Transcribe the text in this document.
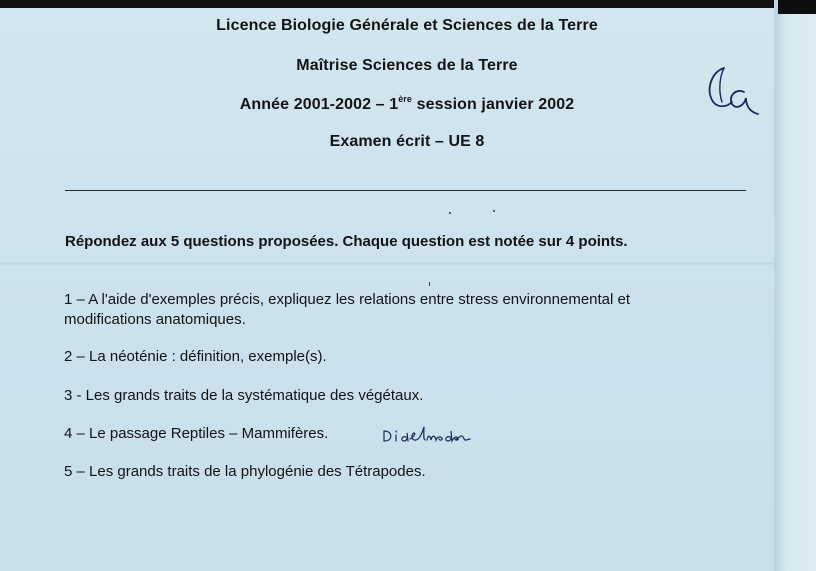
Licence Biologie Générale et Sciences de la Terre
Maîtrise Sciences de la Terre
Année 2001-2002 – 1ère session janvier 2002
Examen écrit – UE 8
Répondez aux 5 questions proposées. Chaque question est notée sur 4 points.
1 – A l'aide d'exemples précis, expliquez les relations entre stress environnemental et
modifications anatomiques.
2 – La néoténie : définition, exemple(s).
3 - Les grands traits de la systématique des végétaux.
4 – Le passage Reptiles – Mammifères.
5 – Les grands traits de la phylogénie des Tétrapodes.
